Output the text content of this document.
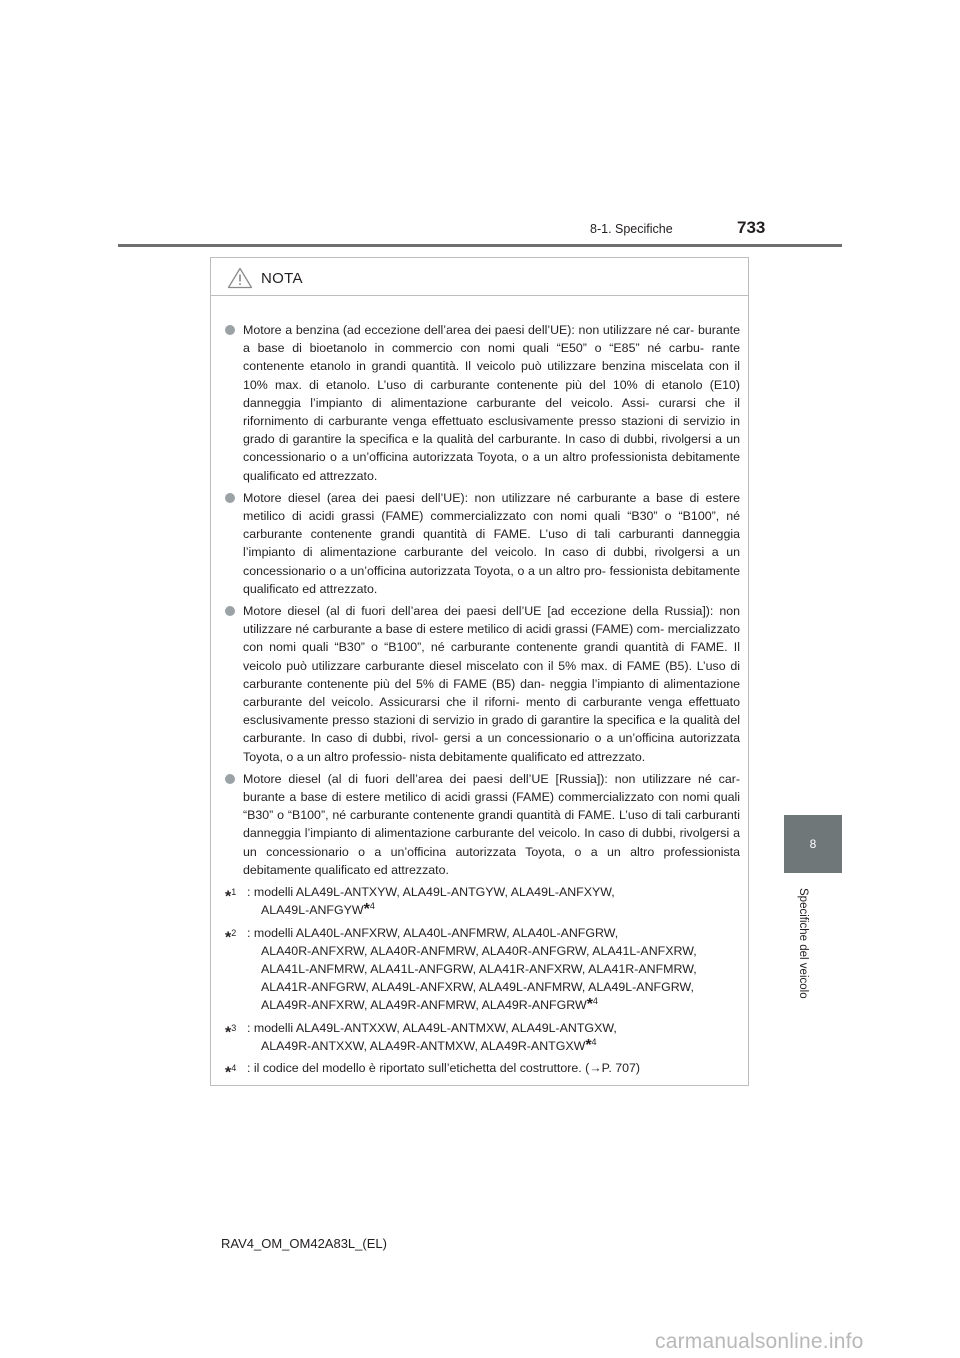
733
8-1. Specifiche
8
Specifiche del veicolo
NOTA
Motore a benzina (ad eccezione dell’area dei paesi dell’UE): non utilizzare né car- burante a base di bioetanolo in commercio con nomi quali “E50” o “E85” né carbu- rante contenente etanolo in grandi quantità. Il veicolo può utilizzare benzina miscelata con il 10% max. di etanolo. L’uso di carburante contenente più del 10% di etanolo (E10) danneggia l’impianto di alimentazione carburante del veicolo. Assi- curarsi che il rifornimento di carburante venga effettuato esclusivamente presso stazioni di servizio in grado di garantire la specifica e la qualità del carburante. In caso di dubbi, rivolgersi a un concessionario o a un’officina autorizzata Toyota, o a un altro professionista debitamente qualificato ed attrezzato.
Motore diesel (area dei paesi dell’UE): non utilizzare né carburante a base di estere metilico di acidi grassi (FAME) commercializzato con nomi quali “B30” o “B100”, né carburante contenente grandi quantità di FAME. L’uso di tali carburanti danneggia l’impianto di alimentazione carburante del veicolo. In caso di dubbi, rivolgersi a un concessionario o a un’officina autorizzata Toyota, o a un altro pro- fessionista debitamente qualificato ed attrezzato.
Motore diesel (al di fuori dell’area dei paesi dell’UE [ad eccezione della Russia]): non utilizzare né carburante a base di estere metilico di acidi grassi (FAME) com- mercializzato con nomi quali “B30” o “B100”, né carburante contenente grandi quantità di FAME. Il veicolo può utilizzare carburante diesel miscelato con il 5% max. di FAME (B5). L’uso di carburante contenente più del 5% di FAME (B5) dan- neggia l’impianto di alimentazione carburante del veicolo. Assicurarsi che il riforni- mento di carburante venga effettuato esclusivamente presso stazioni di servizio in grado di garantire la specifica e la qualità del carburante. In caso di dubbi, rivol- gersi a un concessionario o a un’officina autorizzata Toyota, o a un altro professio- nista debitamente qualificato ed attrezzato.
Motore diesel (al di fuori dell’area dei paesi dell’UE [Russia]): non utilizzare né car- burante a base di estere metilico di acidi grassi (FAME) commercializzato con nomi quali “B30” o “B100”, né carburante contenente grandi quantità di FAME. L’uso di tali carburanti danneggia l’impianto di alimentazione carburante del veicolo. In caso di dubbi, rivolgersi a un concessionario o a un’officina autorizzata Toyota, o a un altro professionista debitamente qualificato ed attrezzato.
*$^1$ : modelli ALA49L-ANTXYW, ALA49L-ANTGYW, ALA49L-ANFXYW,
ALA49L-ANFGYW*$^4$
*$^2$ : modelli ALA40L-ANFXRW, ALA40L-ANFMRW, ALA40L-ANFGRW,
ALA40R-ANFXRW, ALA40R-ANFMRW, ALA40R-ANFGRW, ALA41L-ANFXRW,
ALA41L-ANFMRW, ALA41L-ANFGRW, ALA41R-ANFXRW, ALA41R-ANFMRW,
ALA41R-ANFGRW, ALA49L-ANFXRW, ALA49L-ANFMRW, ALA49L-ANFGRW,
ALA49R-ANFXRW, ALA49R-ANFMRW, ALA49R-ANFGRW*$^4$
*$^3$ : modelli ALA49L-ANTXXW, ALA49L-ANTMXW, ALA49L-ANTGXW,
ALA49R-ANTXXW, ALA49R-ANTMXW, ALA49R-ANTGXW*$^4$
*$^4$ : il codice del modello è riportato sull’etichetta del costruttore. (→P. 707)
RAV4_OM_OM42A83L_(EL)
carmanualsonline.info
